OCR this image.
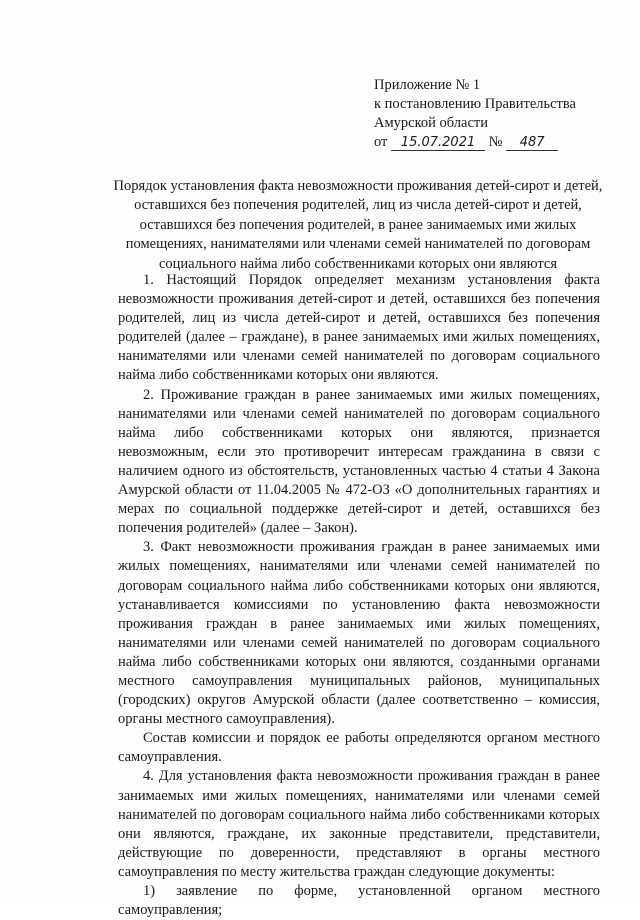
Приложение № 1
к постановлению Правительства
Амурской области
от 15.07.2021 № 487
Порядок установления факта невозможности проживания детей-сирот и детей, оставшихся без попечения родителей, лиц из числа детей-сирот и детей, оставшихся без попечения родителей, в ранее занимаемых ими жилых помещениях, нанимателями или членами семей нанимателей по договорам социального найма либо собственниками которых они являются

1. Настоящий Порядок определяет механизм установления факта невозможности проживания детей-сирот и детей, оставшихся без попечения родителей, лиц из числа детей-сирот и детей, оставшихся без попечения родителей (далее – граждане), в ранее занимаемых ими жилых помещениях, нанимателями или членами семей нанимателей по договорам социального найма либо собственниками которых они являются.

2. Проживание граждан в ранее занимаемых ими жилых помещениях, нанимателями или членами семей нанимателей по договорам социального найма либо собственниками которых они являются, признается невозможным, если это противоречит интересам гражданина в связи с наличием одного из обстоятельств, установленных частью 4 статьи 4 Закона Амурской области от 11.04.2005 № 472-ОЗ «О дополнительных гарантиях и мерах по социальной поддержке детей-сирот и детей, оставшихся без попечения родителей» (далее – Закон).

3. Факт невозможности проживания граждан в ранее занимаемых ими жилых помещениях, нанимателями или членами семей нанимателей по договорам социального найма либо собственниками которых они являются, устанавливается комиссиями по установлению факта невозможности проживания граждан в ранее занимаемых ими жилых помещениях, нанимателями или членами семей нанимателей по договорам социального найма либо собственниками которых они являются, созданными органами местного самоуправления муниципальных районов, муниципальных (городских) округов Амурской области (далее соответственно – комиссия, органы местного самоуправления).

Состав комиссии и порядок ее работы определяются органом местного самоуправления.

4. Для установления факта невозможности проживания граждан в ранее занимаемых ими жилых помещениях, нанимателями или членами семей нанимателей по договорам социального найма либо собственниками которых они являются, граждане, их законные представители, представители, действующие по доверенности, представляют в органы местного самоуправления по месту жительства граждан следующие документы:

1) заявление по форме, установленной органом местного самоуправления;
